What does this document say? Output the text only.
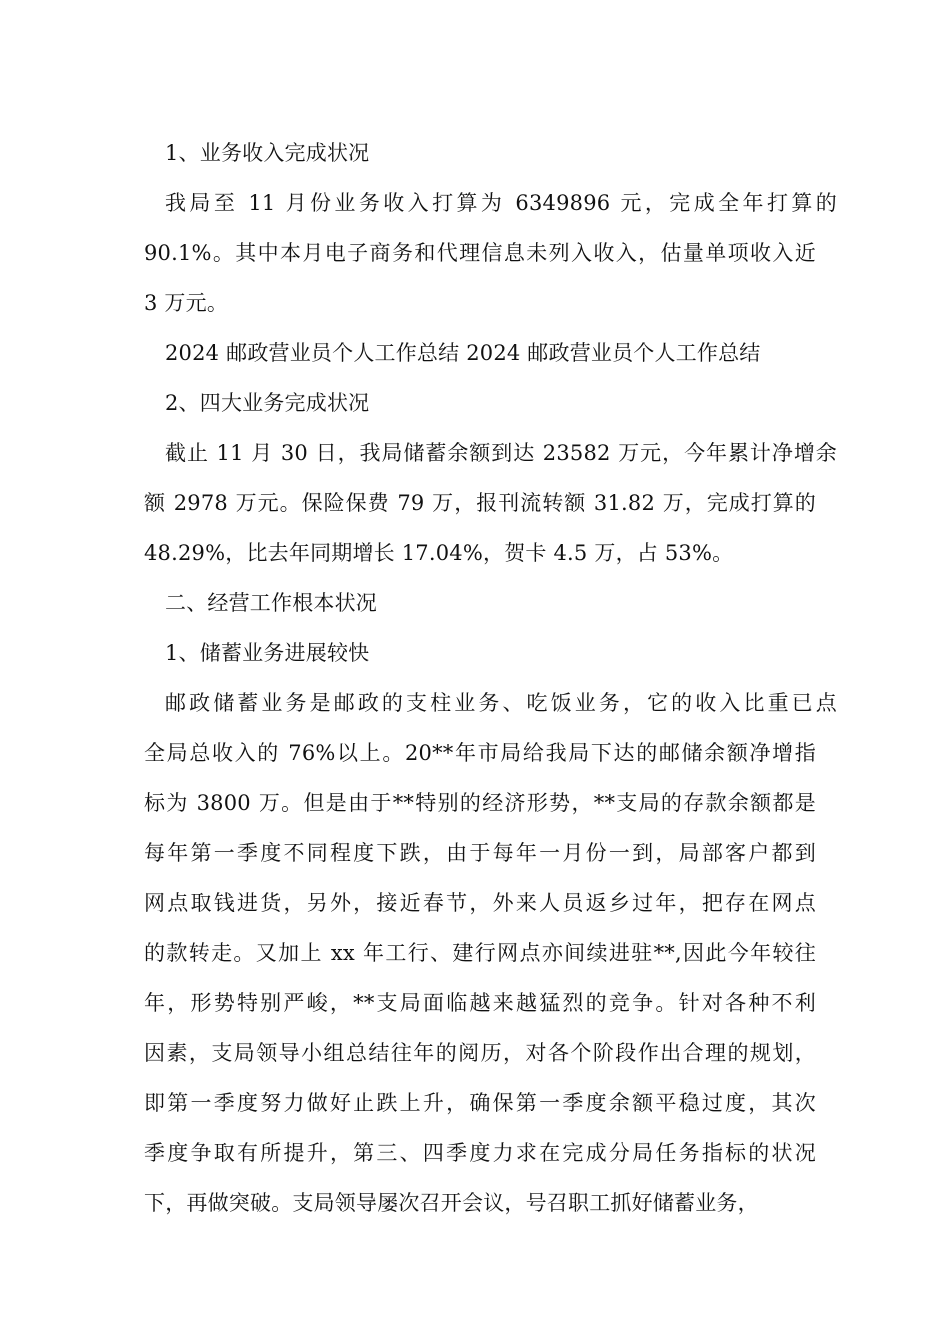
1、业务收入完成状况
我局至 11 月份业务收入打算为 6349896 元，完成全年打算的
90.1%。其中本月电子商务和代理信息未列入收入，估量单项收入近
3 万元。
2024 邮政营业员个人工作总结 2024 邮政营业员个人工作总结
2、四大业务完成状况
截止 11 月 30 日，我局储蓄余额到达 23582 万元，今年累计净增余
额 2978 万元。保险保费 79 万，报刊流转额 31.82 万，完成打算的
48.29%，比去年同期增长 17.04%，贺卡 4.5 万，占 53%。
二、经营工作根本状况
1、储蓄业务进展较快
邮政储蓄业务是邮政的支柱业务、吃饭业务，它的收入比重已点
全局总收入的 76%以上。20**年市局给我局下达的邮储余额净增指
标为 3800 万。但是由于**特别的经济形势，**支局的存款余额都是
每年第一季度不同程度下跌，由于每年一月份一到，局部客户都到
网点取钱进货，另外，接近春节，外来人员返乡过年，把存在网点
的款转走。又加上 xx 年工行、建行网点亦间续进驻**,因此今年较往
年，形势特别严峻，**支局面临越来越猛烈的竞争。针对各种不利
因素，支局领导小组总结往年的阅历，对各个阶段作出合理的规划，
即第一季度努力做好止跌上升，确保第一季度余额平稳过度，其次
季度争取有所提升，第三、四季度力求在完成分局任务指标的状况
下，再做突破。支局领导屡次召开会议，号召职工抓好储蓄业务，
